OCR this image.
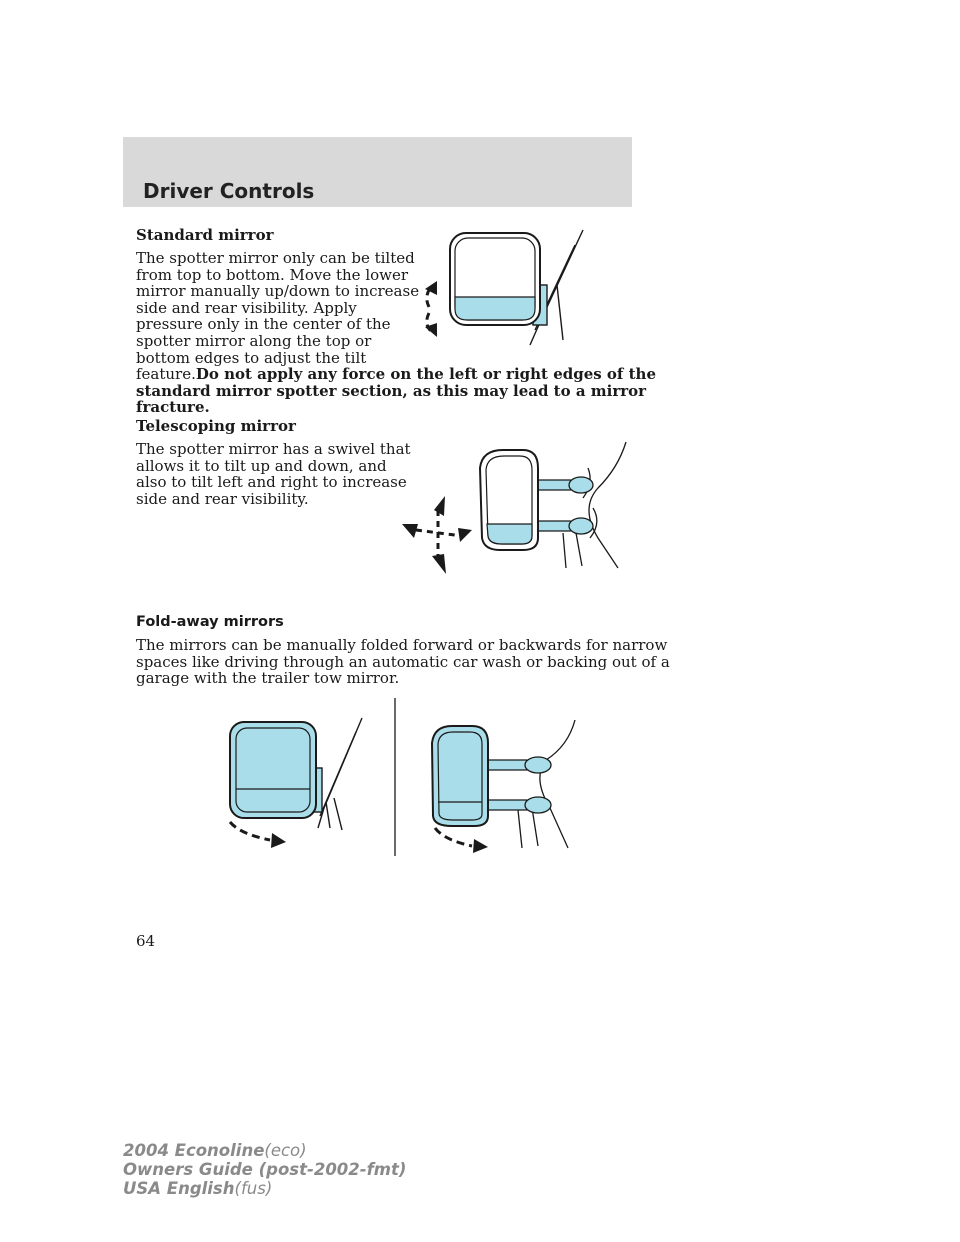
Driver Controls
Standard mirror
The spotter mirror only can be tilted
from top to bottom. Move the lower
mirror manually up/down to increase
side and rear visibility. Apply
pressure only in the center of the
spotter mirror along the top or
bottom edges to adjust the tilt
feature.Do not apply any force on the left or right edges of the
standard mirror spotter section, as this may lead to a mirror
fracture.
Telescoping mirror
The spotter mirror has a swivel that
allows it to tilt up and down, and
also to tilt left and right to increase
side and rear visibility.
Fold-away mirrors
The mirrors can be manually folded forward or backwards for narrow
spaces like driving through an automatic car wash or backing out of a
garage with the trailer tow mirror.
64
2004 Econoline(eco)
Owners Guide (post-2002-fmt)
USA English(fus)
